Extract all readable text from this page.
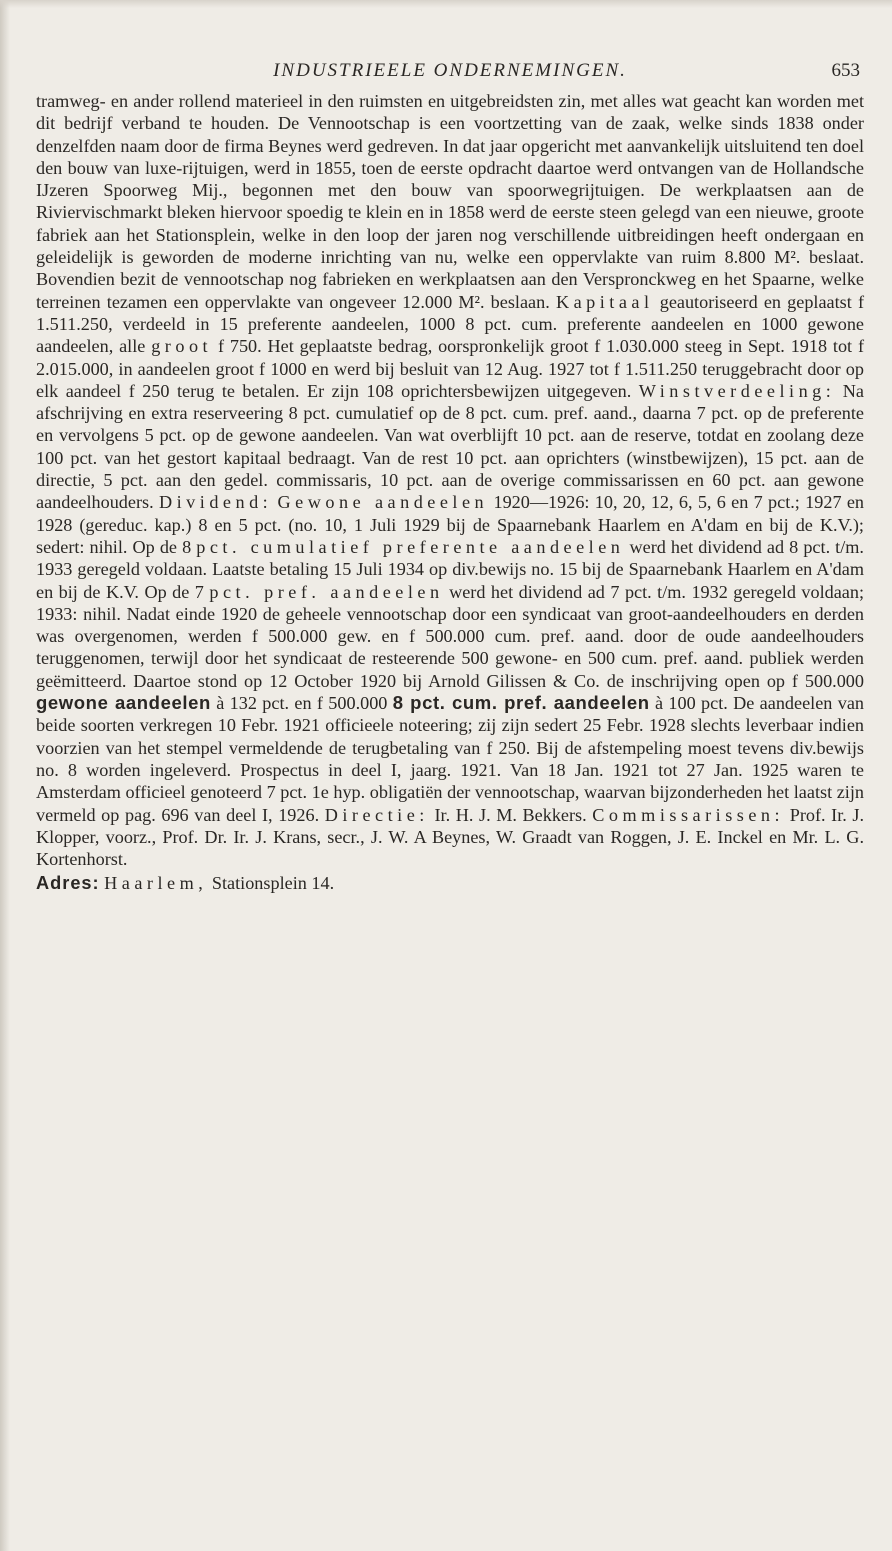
INDUSTRIEELE ONDERNEMINGEN.	653
tramweg- en ander rollend materieel in den ruimsten en uitgebreidsten zin, met alles wat geacht kan worden met dit bedrijf verband te houden. De Vennootschap is een voortzetting van de zaak, welke sinds 1838 onder denzelfden naam door de firma Beynes werd gedreven. In dat jaar opgericht met aanvankelijk uitsluitend ten doel den bouw van luxe-rijtuigen, werd in 1855, toen de eerste opdracht daartoe werd ontvangen van de Hollandsche IJzeren Spoorweg Mij., begonnen met den bouw van spoorwegrijtuigen. De werkplaatsen aan de Riviervischmarkt bleken hiervoor spoedig te klein en in 1858 werd de eerste steen gelegd van een nieuwe, groote fabriek aan het Stationsplein, welke in den loop der jaren nog verschillende uitbreidingen heeft ondergaan en geleidelijk is geworden de moderne inrichting van nu, welke een oppervlakte van ruim 8.800 M². beslaat. Bovendien bezit de vennootschap nog fabrieken en werkplaatsen aan den Verspronckweg en het Spaarne, welke terreinen tezamen een oppervlakte van ongeveer 12.000 M². beslaan. Kapitaal geautoriseerd en geplaatst f 1.511.250, verdeeld in 15 preferente aandeelen, 1000 8 pct. cum. preferente aandeelen en 1000 gewone aandeelen, alle groot f 750. Het geplaatste bedrag, oorspronkelijk groot f 1.030.000 steeg in Sept. 1918 tot f 2.015.000, in aandeelen groot f 1000 en werd bij besluit van 12 Aug. 1927 tot f 1.511.250 teruggebracht door op elk aandeel f 250 terug te betalen. Er zijn 108 oprichtersbewijzen uitgegeven. Winstverdeeling: Na afschrijving en extra reserveering 8 pct. cumulatief op de 8 pct. cum. pref. aand., daarna 7 pct. op de preferente en vervolgens 5 pct. op de gewone aandeelen. Van wat overblijft 10 pct. aan de reserve, totdat en zoolang deze 100 pct. van het gestort kapitaal bedraagt. Van de rest 10 pct. aan oprichters (winstbewijzen), 15 pct. aan de directie, 5 pct. aan den gedel. commissaris, 10 pct. aan de overige commissarissen en 60 pct. aan gewone aandeelhouders. Dividend: Gewone aandeelen 1920—1926: 10, 20, 12, 6, 5, 6 en 7 pct.; 1927 en 1928 (gereduc. kap.) 8 en 5 pct. (no. 10, 1 Juli 1929 bij de Spaarnebank Haarlem en A'dam en bij de K.V.); sedert: nihil. Op de 8 pct. cumulatief preferente aandeelen werd het dividend ad 8 pct. t/m. 1933 geregeld voldaan. Laatste betaling 15 Juli 1934 op div.bewijs no. 15 bij de Spaarnebank Haarlem en A'dam en bij de K.V. Op de 7 pct. pref. aandeelen werd het dividend ad 7 pct. t/m. 1932 geregeld voldaan; 1933: nihil. Nadat einde 1920 de geheele vennootschap door een syndicaat van groot-aandeelhouders en derden was overgenomen, werden f 500.000 gew. en f 500.000 cum. pref. aand. door de oude aandeelhouders teruggenomen, terwijl door het syndicaat de resteerende 500 gewone- en 500 cum. pref. aand. publiek werden geëmitteerd. Daartoe stond op 12 October 1920 bij Arnold Gilissen & Co. de inschrijving open op f 500.000 gewone aandeelen à 132 pct. en f 500.000 8 pct. cum. pref. aandeelen à 100 pct. De aandeelen van beide soorten verkregen 10 Febr. 1921 officieele noteering; zij zijn sedert 25 Febr. 1928 slechts leverbaar indien voorzien van het stempel vermeldende de terugbetaling van f 250. Bij de afstempeling moest tevens div.bewijs no. 8 worden ingeleverd. Prospectus in deel I, jaarg. 1921. Van 18 Jan. 1921 tot 27 Jan. 1925 waren te Amsterdam officieel genoteerd 7 pct. 1e hyp. obligatiën der vennootschap, waarvan bijzonderheden het laatst zijn vermeld op pag. 696 van deel I, 1926. Directie: Ir. H. J. M. Bekkers. Commissarissen: Prof. Ir. J. Klopper, voorz., Prof. Dr. Ir. J. Krans, secr., J. W. A Beynes, W. Graadt van Roggen, J. E. Inckel en Mr. L. G. Kortenhorst.
Adres: Haarlem, Stationsplein 14.
